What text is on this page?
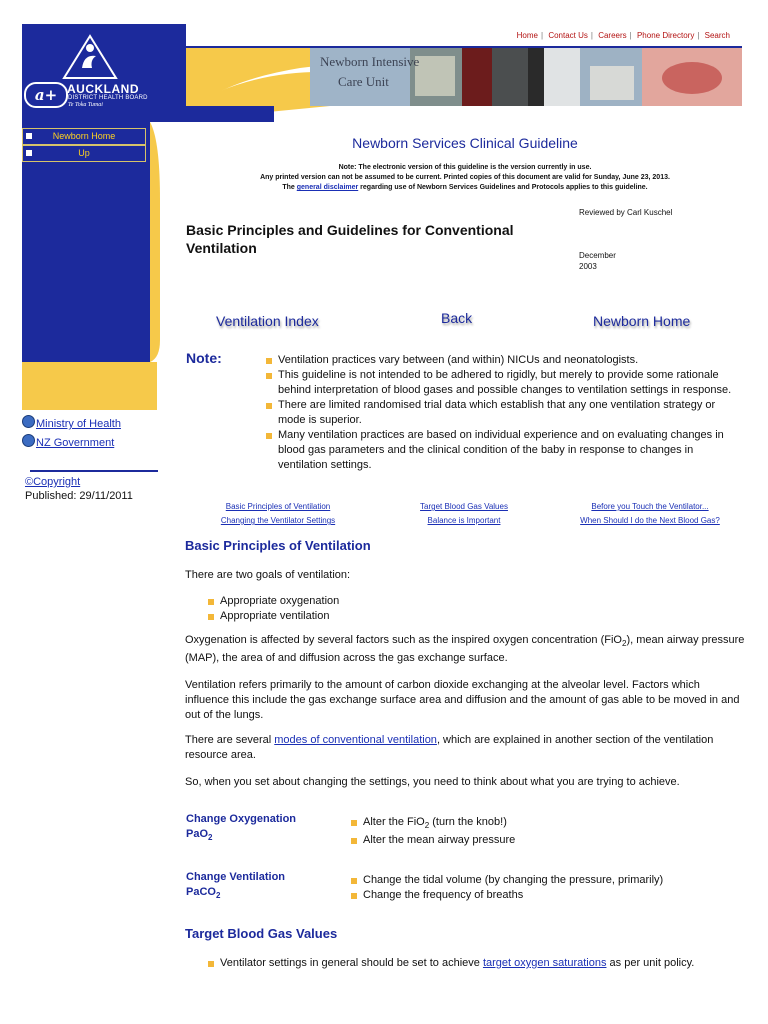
a+ AUCKLAND
DISTRICT HEALTH BOARD
Te Toka Tumai
Home | Contact Us | Careers | Phone Directory | Search
Newborn Intensive
Care Unit
Newborn Home
Up
Ministry of Health
NZ Government
©Copyright
Published: 29/11/2011
Newborn Services Clinical Guideline
Note: The electronic version of this guideline is the version currently in use.
Any printed version can not be assumed to be current. Printed copies of this document are valid for Sunday, June 23, 2013.
The general disclaimer regarding use of Newborn Services Guidelines and Protocols applies to this guideline.
Reviewed by Carl Kuschel
Basic Principles and Guidelines for Conventional Ventilation	December
2003
Ventilation Index	Back	Newborn Home
Note:	Ventilation practices vary between (and within) NICUs and neonatologists.
This guideline is not intended to be adhered to rigidly, but merely to provide some rationale behind interpretation of blood gases and possible changes to ventilation settings in response.
There are limited randomised trial data which establish that any one ventilation strategy or mode is superior.
Many ventilation practices are based on individual experience and on evaluating changes in blood gas parameters and the clinical condition of the baby in response to changes in ventilation settings.
Basic Principles of Ventilation	Target Blood Gas Values	Before you Touch the Ventilator...
Changing the Ventilator Settings	Balance is Important	When Should I do the Next Blood Gas?
Basic Principles of Ventilation
There are two goals of ventilation:
Appropriate oxygenation
Appropriate ventilation
Oxygenation is affected by several factors such as the inspired oxygen concentration (FiO$_2$), mean airway pressure (MAP), the area of and diffusion across the gas exchange surface.
Ventilation refers primarily to the amount of carbon dioxide exchanging at the alveolar level. Factors which influence this include the gas exchange surface area and diffusion and the amount of gas able to be moved in and out of the lungs.
There are several modes of conventional ventilation, which are explained in another section of the ventilation resource area.
So, when you set about changing the settings, you need to think about what you are trying to achieve.
Change Oxygenation
PaO$_2$
Alter the FiO$_2$ (turn the knob!)
Alter the mean airway pressure
Change Ventilation
PaCO$_2$
Change the tidal volume (by changing the pressure, primarily)
Change the frequency of breaths
Target Blood Gas Values
Ventilator settings in general should be set to achieve target oxygen saturations as per unit policy.
